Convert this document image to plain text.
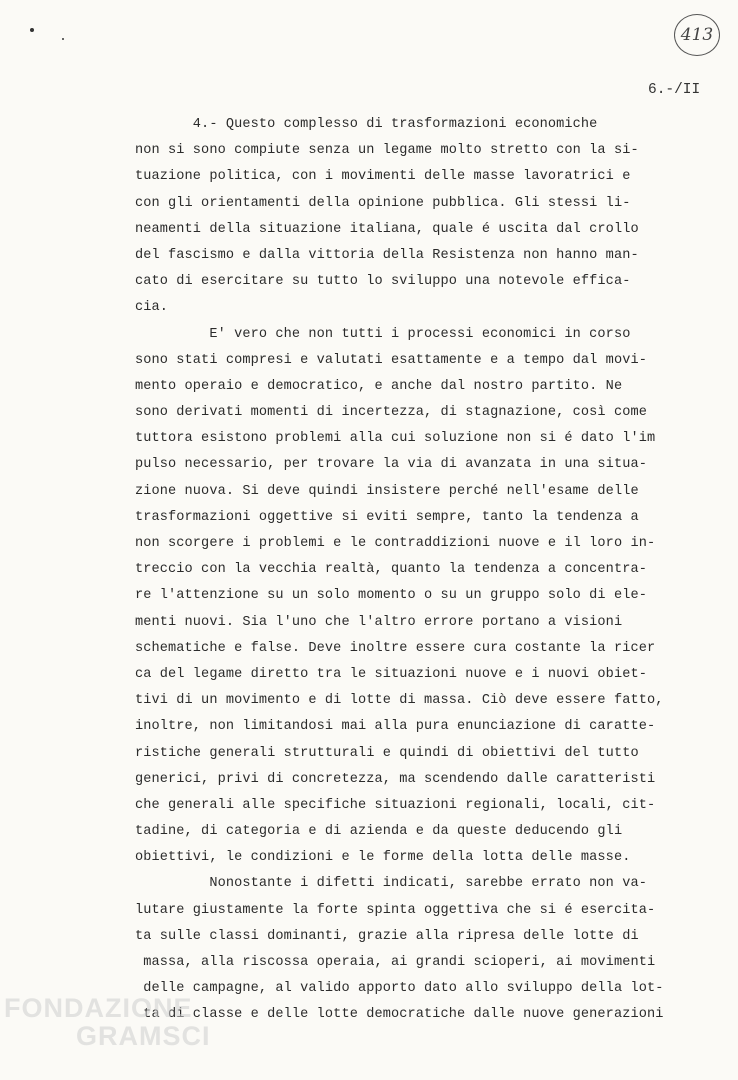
413
6.-/II
4.- Questo complesso di trasformazioni economiche
non si sono compiute senza un legame molto stretto con la si-
tuazione politica, con i movimenti delle masse lavoratrici e
con gli orientamenti della opinione pubblica. Gli stessi li-
neamenti della situazione italiana, quale é uscita dal crollo
del fascismo e dalla vittoria della Resistenza non hanno man-
cato di esercitare su tutto lo sviluppo una notevole effica-
cia.
E' vero che non tutti i processi economici in corso
sono stati compresi e valutati esattamente e a tempo dal movi-
mento operaio e democratico, e anche dal nostro partito. Ne
sono derivati momenti di incertezza, di stagnazione, così come
tuttora esistono problemi alla cui soluzione non si é dato l'im
pulso necessario, per trovare la via di avanzata in una situa-
zione nuova. Si deve quindi insistere perché nell'esame delle
trasformazioni oggettive si eviti sempre, tanto la tendenza a
non scorgere i problemi e le contraddizioni nuove e il loro in-
treccio con la vecchia realtà, quanto la tendenza a concentra-
re l'attenzione su un solo momento o su un gruppo solo di ele-
menti nuovi. Sia l'uno che l'altro errore portano a visioni
schematiche e false. Deve inoltre essere cura costante la ricer
ca del legame diretto tra le situazioni nuove e i nuovi obiet-
tivi di un movimento e di lotte di massa. Ciò deve essere fatto,
inoltre, non limitandosi mai alla pura enunciazione di caratte-
ristiche generali strutturali e quindi di obiettivi del tutto
generici, privi di concretezza, ma scendendo dalle caratteristi
che generali alle specifiche situazioni regionali, locali, cit-
tadine, di categoria e di azienda e da queste deducendo gli
obiettivi, le condizioni e le forme della lotta delle masse.
Nonostante i difetti indicati, sarebbe errato non va-
lutare giustamente la forte spinta oggettiva che si é esercita-
ta sulle classi dominanti, grazie alla ripresa delle lotte di
massa, alla riscossa operaia, ai grandi scioperi, ai movimenti
delle campagne, al valido apporto dato allo sviluppo della lot-
ta di classe e delle lotte democratiche dalle nuove generazioni
FONDAZIONE
GRAMSCI
